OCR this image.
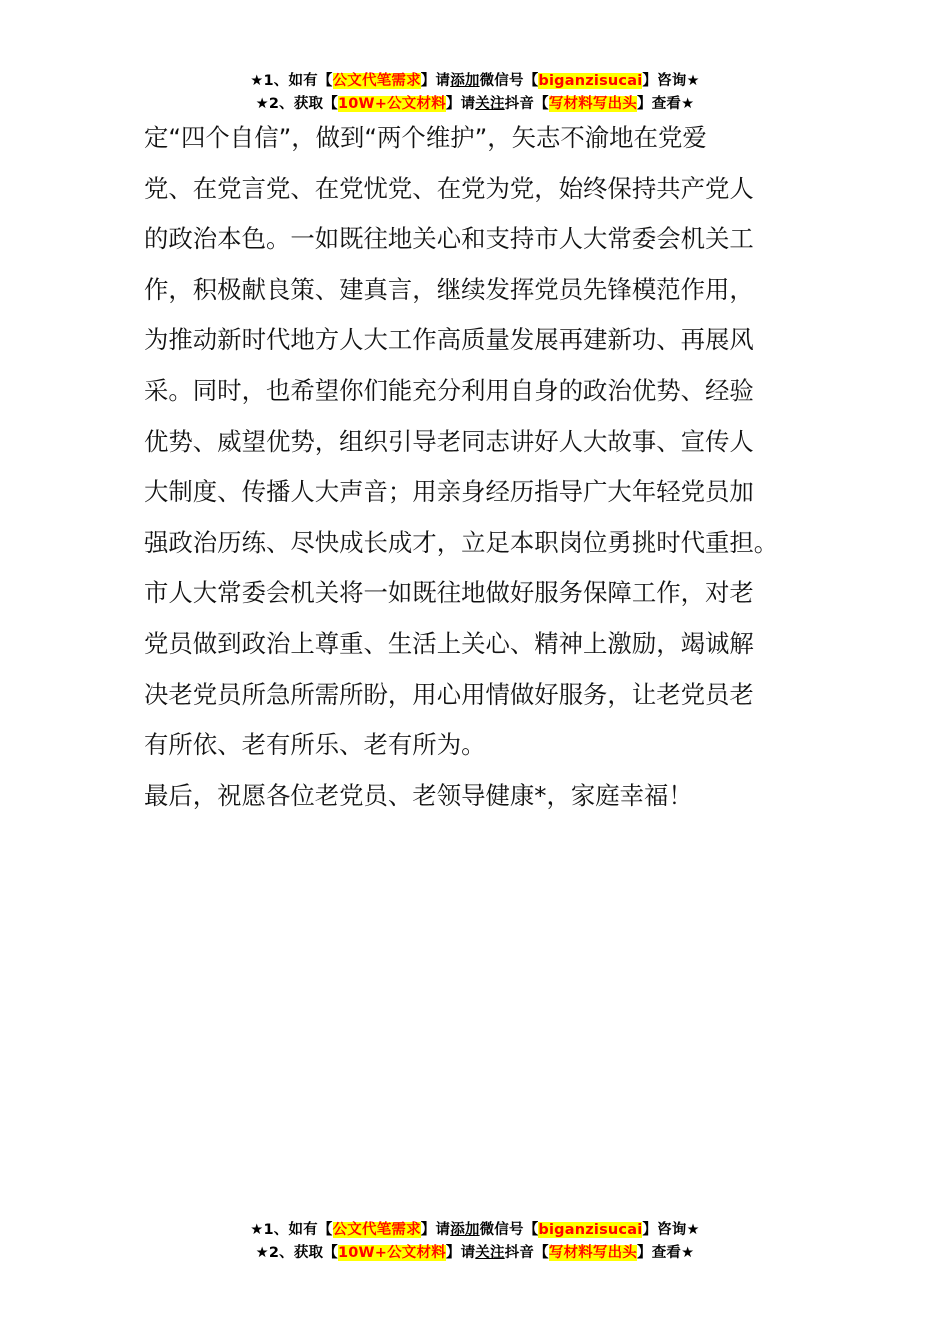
★1、如有【公文代笔需求】请添加微信号【biganzisucai】咨询★
★2、获取【10W+公文材料】请关注抖音【写材料写出头】查看★
定“四个自信”，做到“两个维护”，矢志不渝地在党爱
党、在党言党、在党忧党、在党为党，始终保持共产党人
的政治本色。一如既往地关心和支持市人大常委会机关工
作，积极献良策、建真言，继续发挥党员先锋模范作用，
为推动新时代地方人大工作高质量发展再建新功、再展风
采。同时，也希望你们能充分利用自身的政治优势、经验
优势、威望优势，组织引导老同志讲好人大故事、宣传人
大制度、传播人大声音；用亲身经历指导广大年轻党员加
强政治历练、尽快成长成才，立足本职岗位勇挑时代重担。
市人大常委会机关将一如既往地做好服务保障工作，对老
党员做到政治上尊重、生活上关心、精神上激励，竭诚解
决老党员所急所需所盼，用心用情做好服务，让老党员老
有所依、老有所乐、老有所为。
最后，祝愿各位老党员、老领导健康*，家庭幸福！
★1、如有【公文代笔需求】请添加微信号【biganzisucai】咨询★
★2、获取【10W+公文材料】请关注抖音【写材料写出头】查看★
